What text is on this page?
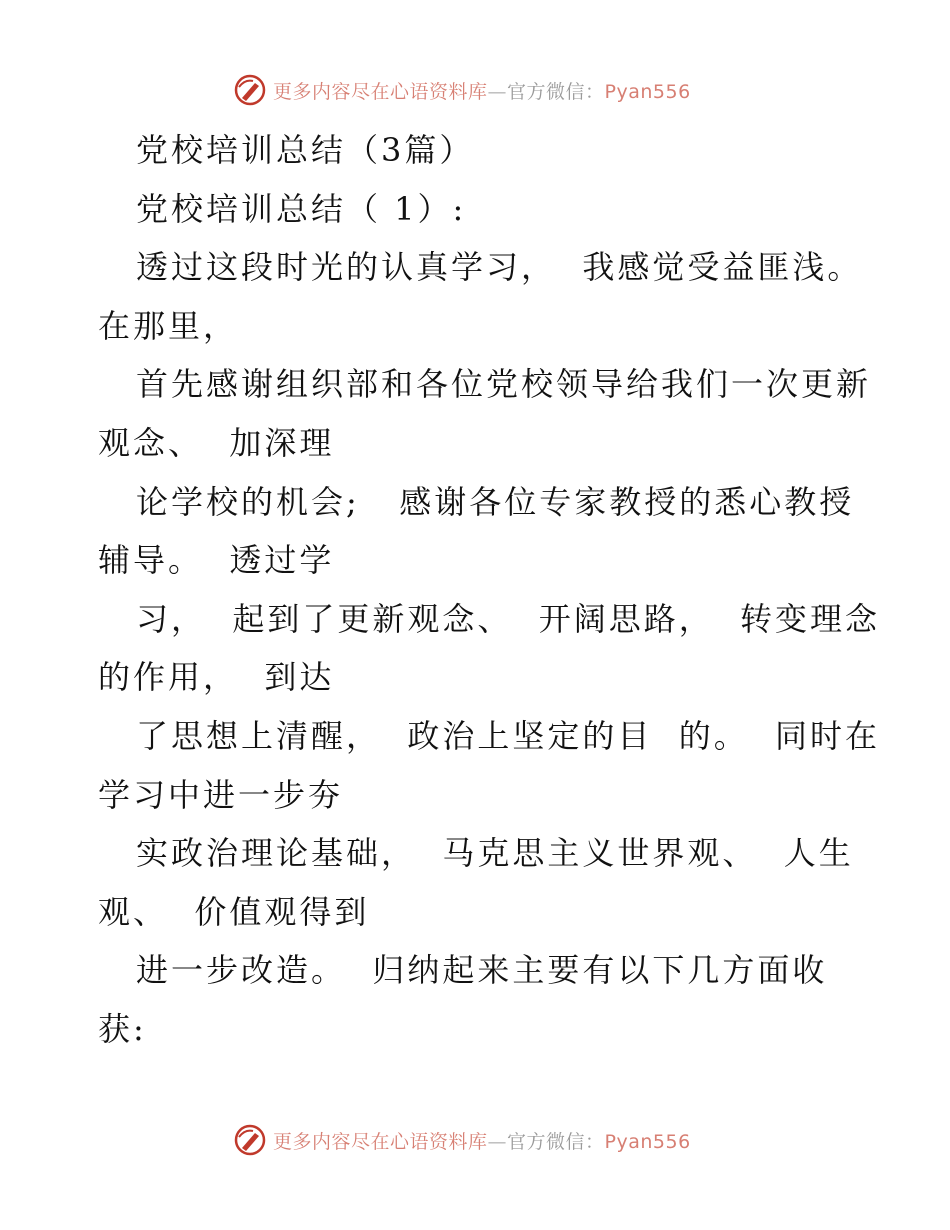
更多内容尽在心语资料库—官方微信：Pyan556
党校培训总结（3篇）
党校培训总结（ 1）:
透过这段时光的认真学习，  我感觉受益匪浅。
在那里，
首先感谢组织部和各位党校领导给我们一次更新
观念、  加深理
论学校的机会;   感谢各位专家教授的悉心教授
辅导。  透过学
习，  起到了更新观念、  开阔思路，  转变理念
的作用，  到达
了思想上清醒，  政治上坚定的目  的。  同时在
学习中进一步夯
实政治理论基础，  马克思主义世界观、  人生
观、  价值观得到
进一步改造。  归纳起来主要有以下几方面收
获:
更多内容尽在心语资料库—官方微信：Pyan556
